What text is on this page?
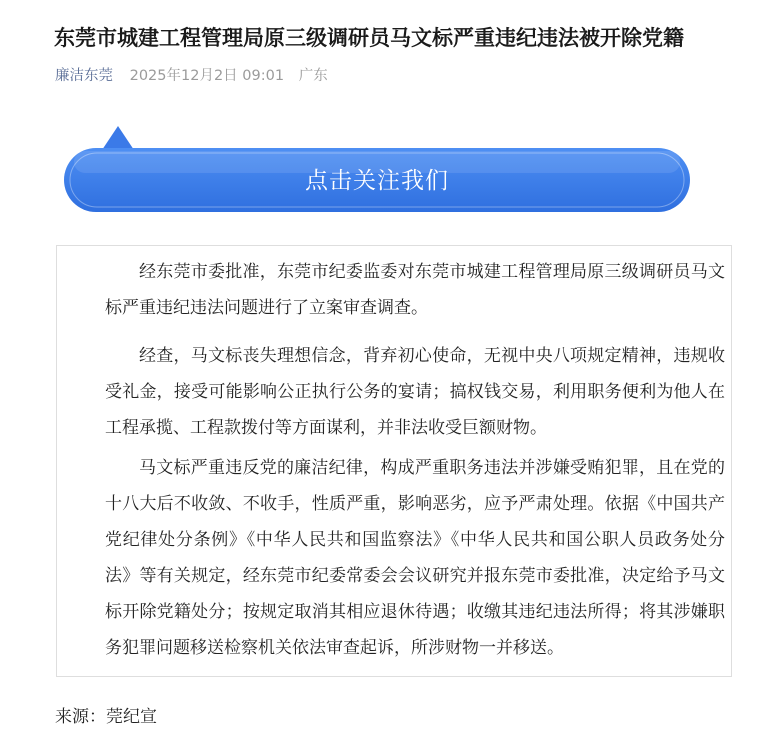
东莞市城建工程管理局原三级调研员马文标严重违纪违法被开除党籍
廉洁东莞 2025年12月2日 09:01 广东
点击关注我们

经东莞市委批准，东莞市纪委监委对东莞市城建工程管理局原三级调研员马文标严重违纪违法问题进行了立案审查调查。

经查，马文标丧失理想信念，背弃初心使命，无视中央八项规定精神，违规收受礼金，接受可能影响公正执行公务的宴请；搞权钱交易，利用职务便利为他人在工程承揽、工程款拨付等方面谋利，并非法收受巨额财物。

马文标严重违反党的廉洁纪律，构成严重职务违法并涉嫌受贿犯罪，且在党的十八大后不收敛、不收手，性质严重，影响恶劣，应予严肃处理。依据《中国共产党纪律处分条例》《中华人民共和国监察法》《中华人民共和国公职人员政务处分法》等有关规定，经东莞市纪委常委会会议研究并报东莞市委批准，决定给予马文标开除党籍处分；按规定取消其相应退休待遇；收缴其违纪违法所得；将其涉嫌职务犯罪问题移送检察机关依法审查起诉，所涉财物一并移送。

来源：莞纪宣
